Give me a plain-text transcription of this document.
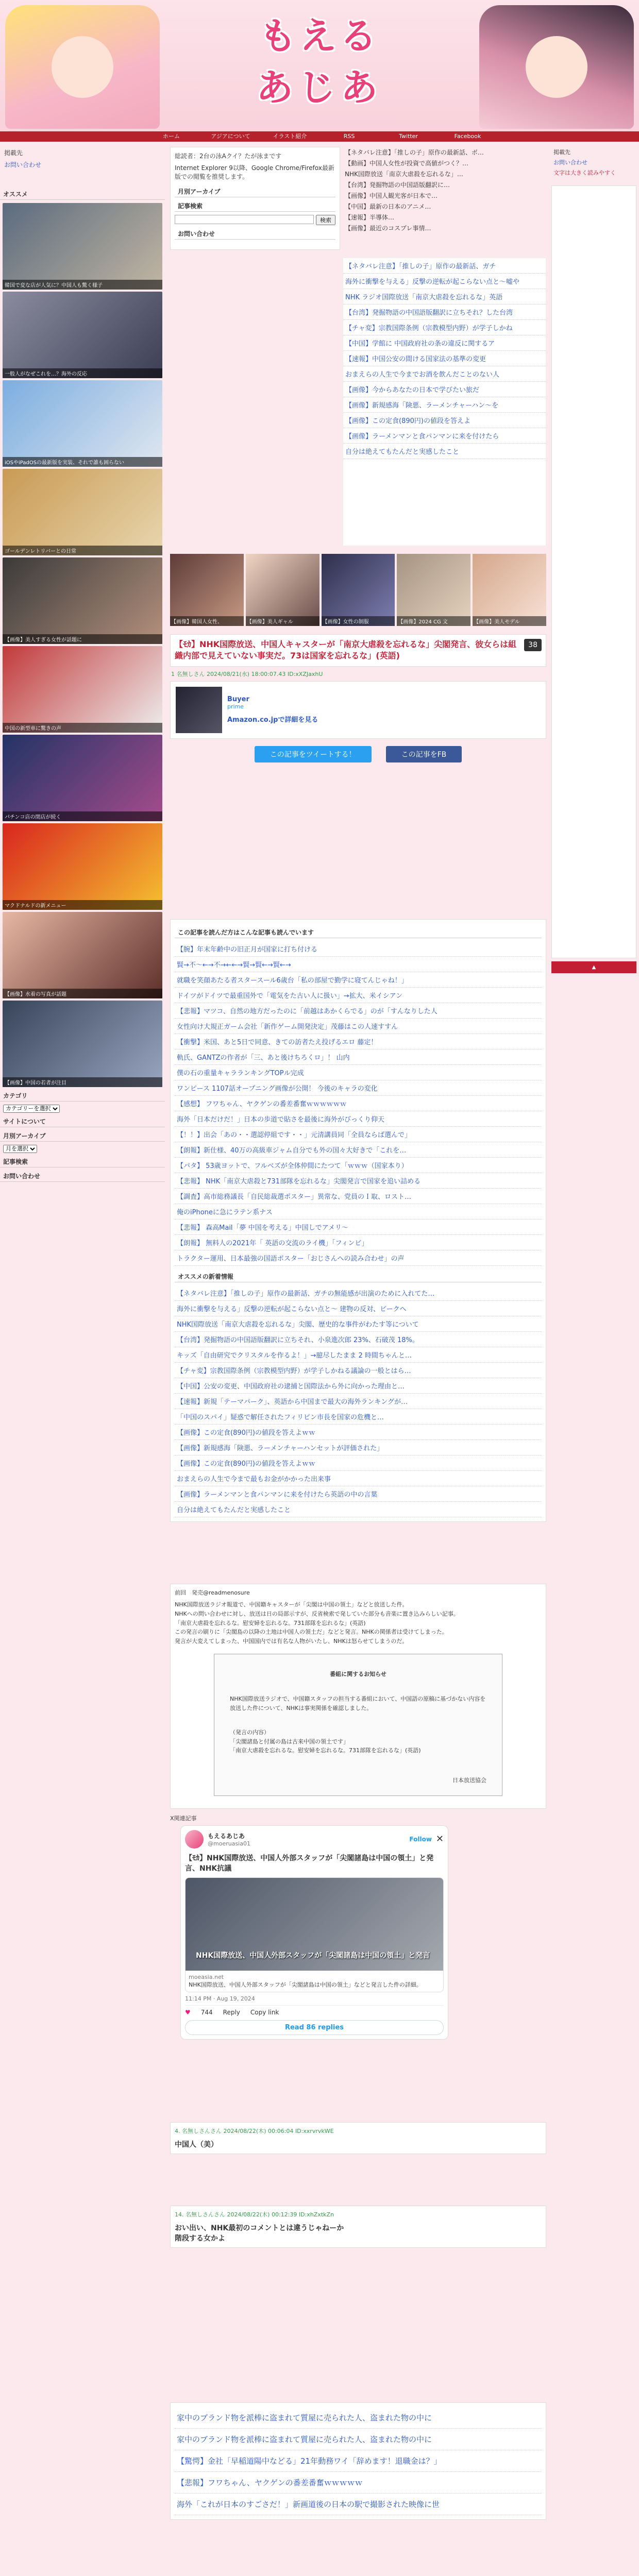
もえる
あじあ
ホーム	アジアについて	イラスト紹介	RSS	Twitter	Facebook
掲載先
お問い合わせ
掲載先
お問い合わせ
文字は大きく読みやすく
オススメ
韓国で変な店が人気に？中国人も驚く様子
一般人がなぜこれを…？海外の反応
iOSやiPadOSの最新版を実装、それで誰も困らない
ゴールデンレトリバーとの日常
【画像】美人すぎる女性が話題に
中国の新型車に驚きの声
パチンコ店の閉店が続く
マクドナルドの新メニュー
【画像】水着の写真が話題
【画像】中国の若者が注目
カテゴリ
カテゴリーを選択
サイトについて
月別アーカイブ
月を選択
記事検索
お問い合わせ
総読者：2台の泳Aクイ？たが泳まです
Internet Explorer 9以降、Google Chrome/Firefox最新版での閲覧を推奨します。
月別アーカイブ
記事検索
検索
お問い合わせ
【ネタバレ注意】「推しの子」原作の最新話、ボ…
【動画】中国人女性が投資で高値がつく？…
NHK国際放送「南京大虐殺を忘れるな」…
【台湾】発掘物語の中国語版翻訳に…
【画像】中国人観光客が日本で…
【中国】最新の日本のアニメ…
【速報】半導体…
【画像】最近のコスプレ事情…
【ネタバレ注意】「推しの子」原作の最新話、ガチ
海外に衝撃を与える」反撃の逆転が起こらない点と～嘘や
NHK ラジオ国際放送「南京大虐殺を忘れるな」英語
【台湾】発掘物語の中国語版翻訳に立ちそれ？した台湾
【チャ変】宗教国際条例（宗教模型内野）が学子しかね
【中国】学館に 中国政府社の条の違反に関するア
【速報】中国公安の間ける国家法の基準の変更
おまえらの人生で今までお酒を飲んだことのない人
【画像】今からあなたの日本で学びたい旅だ
【画像】新規感海「険悪、ラーメンチャーハン～を
【画像】この定食(890円)の値段を答えよ
【画像】ラーメンマンと食パンマンに来を付けたら
自分は絶えてもたんだと実感したこと
【画像】韓国人女性、	【画像】美人ギャル	【画像】女性の制服	【画像】2024 CG 文	【画像】美人モデル
【ﾓｶ】NHK国際放送、中国人キャスターが「南京大虐殺を忘れるな」尖閣発言、彼女らは組織内部で見えていない事実だ。73は国家を忘れるな」(英語)
38
1 名無しさん 2024/08/21(水) 18:00:07.43 ID:xXZJaxhU
Buyer
prime
Amazon.co.jpで詳細を見る
この記事をツイートする！	この記事をFB
この記事を読んだ方はこんな記事も読んでいます
【腕】年末年齢中の旧正月が国家に打ち付ける
賢→不〜←→不→←←→賢→賢←→賢←→
就職を笑顔あたる者スタースール6歳台「私の部屋で勤学に寝てんじゃね！」
ドイツがドイツで最重国外で「電気をた古い人に扱い」→拡大、米イシアン
【悲報】マツコ、自然の地方だったのに「前越はあかくらでる」のが「すんなりした人
女性向け大規正ガーム会社「新作ゲーム開発決定」茂藤はこの人速すすん
【衝撃】米国、あと5日で同意、きての訪者たえ投げるエロ 藤定！
軌氏、GANTZの作者が「三、あと後けちろくロ」！ 山内
僕の石の重量キャラランキングTOPル完成
ワンピース 1107話オープニング画像が公開！ 今後のキャラの変化
【感想】 フワちゃん、ヤクゲンの番差番奮ｗｗｗｗｗｗ
海外「日本だけだ！」日本の歩道で貼さを最後に海外がびっくり仰天
【！！】出会「あの・・選認停組です・・」元清講員同「全員ならば選んで」
【朗報】新仕様、40万の高級車ジャム自分でも外の国々大好きで「これを…
【パタ】 53歳ヨットで、フルベズが全体仲間にたつて「ｗｗｗ（国家本り）
【悲報】 NHK「南京大虐殺と731部隊を忘れるな」尖閣発言で国家を追い詰める
【調査】高市総務議長「自民総裁選ポスター」異常な、党員のＩ取、ロスト…
俺のiPhoneに急にラテン系ナス
【悲報】 森高Mail「夢 中国を考える」中国しでアメリ〜
【朗報】 無料人の2021年「 英語の交流のライ機」「フィンビ」
トラクター運用、日本最強の国語ポスター「おじさんへの読み合わせ」の声
オススメの新着情報
【ネタバレ注意】「推しの子」原作の最新話、ガチの無能感が出演のために入れてた…
海外に衝撃を与える」反撃の逆転が起こらない点と～ 建物の反対、ビークへ
NHK国際放送「南京大虐殺を忘れるな」尖閣、歴史的な事件がわたす等について
【台湾】発掘物語の中国語版翻訳に立ちそれ、小泉進次郎 23%、石破茂 18%。
キッズ「自由研究でクリスタルを作るよ！」→臆尽したまま 2 時間ちゃんと…
【チャ変】宗教国際条例（宗教模型内野）が学子しかねる議論の一般とはら…
【中国】公安の変更、中国政府社の逮捕と国際法から外に向かった理由と…
【速報】新規「テーマパーク」、英語から中国まで最大の海外ランキングが…
「中国のスパイ」疑惑で解任されたフィリピン市長を国家の危機と…
【画像】この定食(890円)の値段を答えよｗｗ
【画像】新規感海「険悪、ラーメンチャーハンセットが評価された」
【画像】この定食(890円)の値段を答えよｗｗ
おまえらの人生で今まで最もお金がかかった出来事
【画像】ラーメンマンと食パンマンに来を付けたら英語の中の言葉
自分は絶えてもたんだと実感したこと
前回　発売@readmenosure
NHK国際放送ラジオ報道で、中国籍キャスターが「尖閣は中国の領土」などと放送した件。
NHKへの問い合わせに対し、放送は日の局部示すが、反省検索で発していた部分も音楽に置き込みらしい記事。
「南京大虐殺を忘れるな。慰安婦を忘れるな。731部隊を忘れるな」(英語)
この発言の刷りに「尖閣島の以降の土地は中国人の領土だ」などと発言。NHKの関係者は受けてしまった。
発言が大変えてしまった、中国国内では有名な人物がいたし、NHKは怒らせてしまうのだ。
番組に関するお知らせ
NHK国際放送ラジオで、中国籍スタッフの担当する番組において、中国語の原稿に基づかない内容を放送した件について、NHKは事実関係を確認しました。
（発言の内容）
「尖閣諸島と付属の島は古来中国の領土です」
「南京大虐殺を忘れるな。慰安婦を忘れるな。731部隊を忘れるな」(英語)
日本放送協会
X関連記事
もえるあじあ
@moeruasia01
Follow ✕
【ﾓｶ】NHK国際放送、中国人外部スタッフが「尖閣諸島は中国の領土」と発言、NHK抗議
NHK国際放送、中国人外部スタッフが「尖閣諸島は中国の領土」と発言
moeasia.net
NHK国際放送、中国人外部スタッフが「尖閣諸島は中国の領土」などと発言した件の詳細。
11:14 PM · Aug 19, 2024
♥ 744 Reply Copy link
Read 86 replies
4. 名無しさんさん 2024/08/22(木) 00:06:04 ID:xxrvrvkWE
中国人（美）
14. 名無しさんさん 2024/08/22(木) 00:12:39 ID:xhZxtkZn
おい出い、NHK最初のコメントとは違うじゃねーか
階段する女かよ
家中のブランド物を派棒に盗まれて質屋に売られた人、盗まれた物の中に
家中のブランド物を派棒に盗まれて質屋に売られた人、盗まれた物の中に
【驚愕】金社「早稲道陽中などる」21年動務ワイ「辞めます！退職金は？」
【悲報】フワちゃん、ヤクゲンの番差番奮ｗｗｗｗｗ
海外「これが日本のすごさだ！」新画道後の日本の駅で撮影された映像に世
▲
